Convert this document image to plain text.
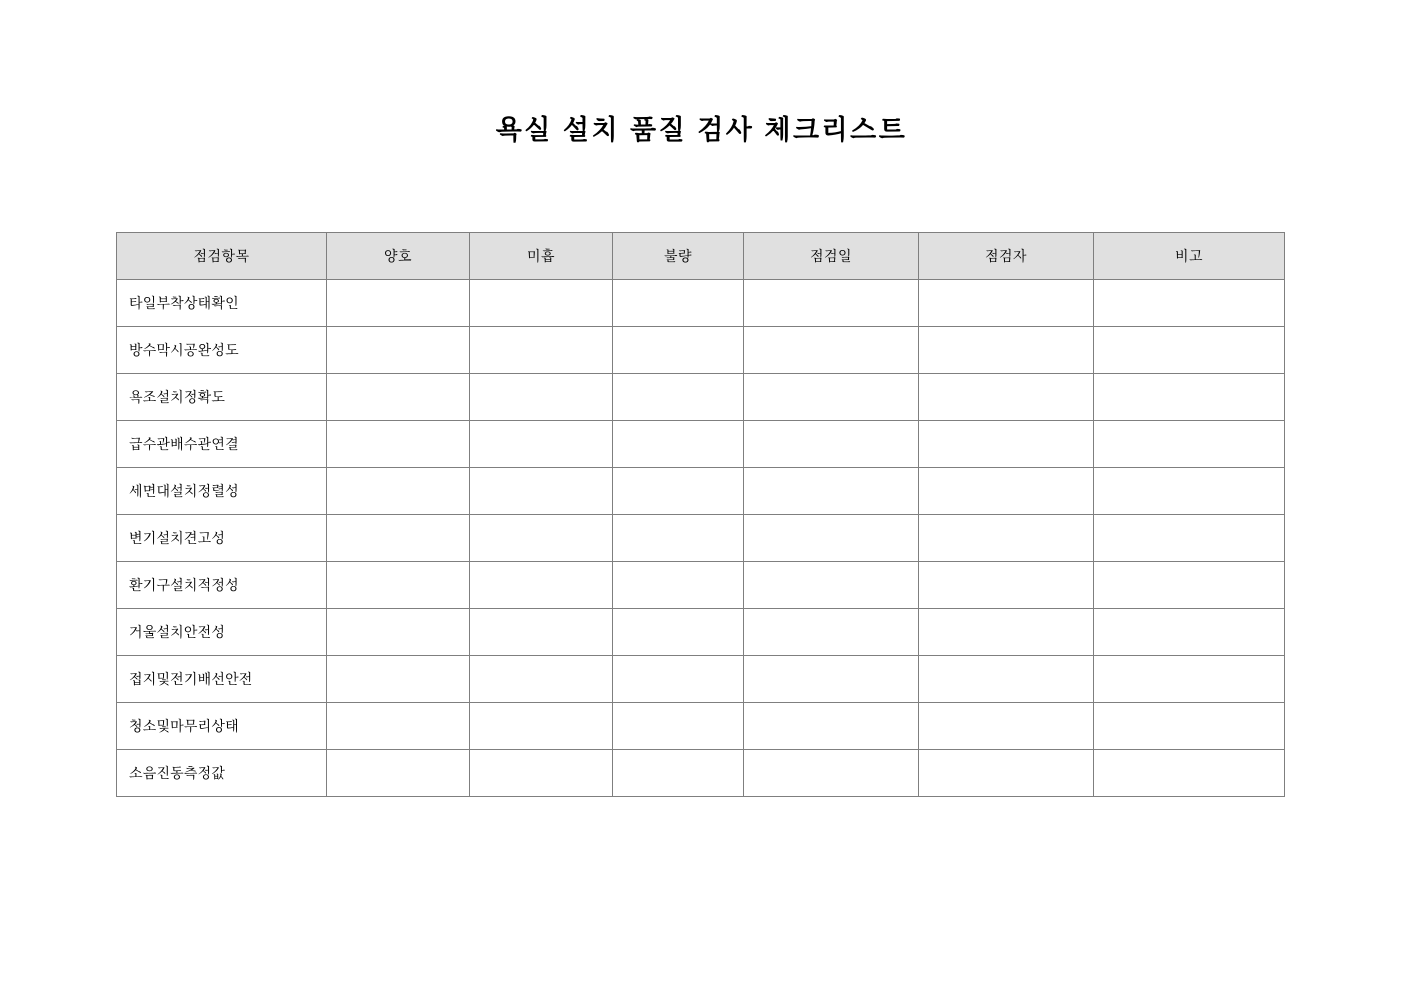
욕실 설치 품질 검사 체크리스트
점검항목	양호	미흡	불량	점검일	점검자	비고
타일부착상태확인						
방수막시공완성도						
욕조설치정확도						
급수관배수관연결						
세면대설치정렬성						
변기설치견고성						
환기구설치적정성						
거울설치안전성						
접지및전기배선안전						
청소및마무리상태						
소음진동측정값						
